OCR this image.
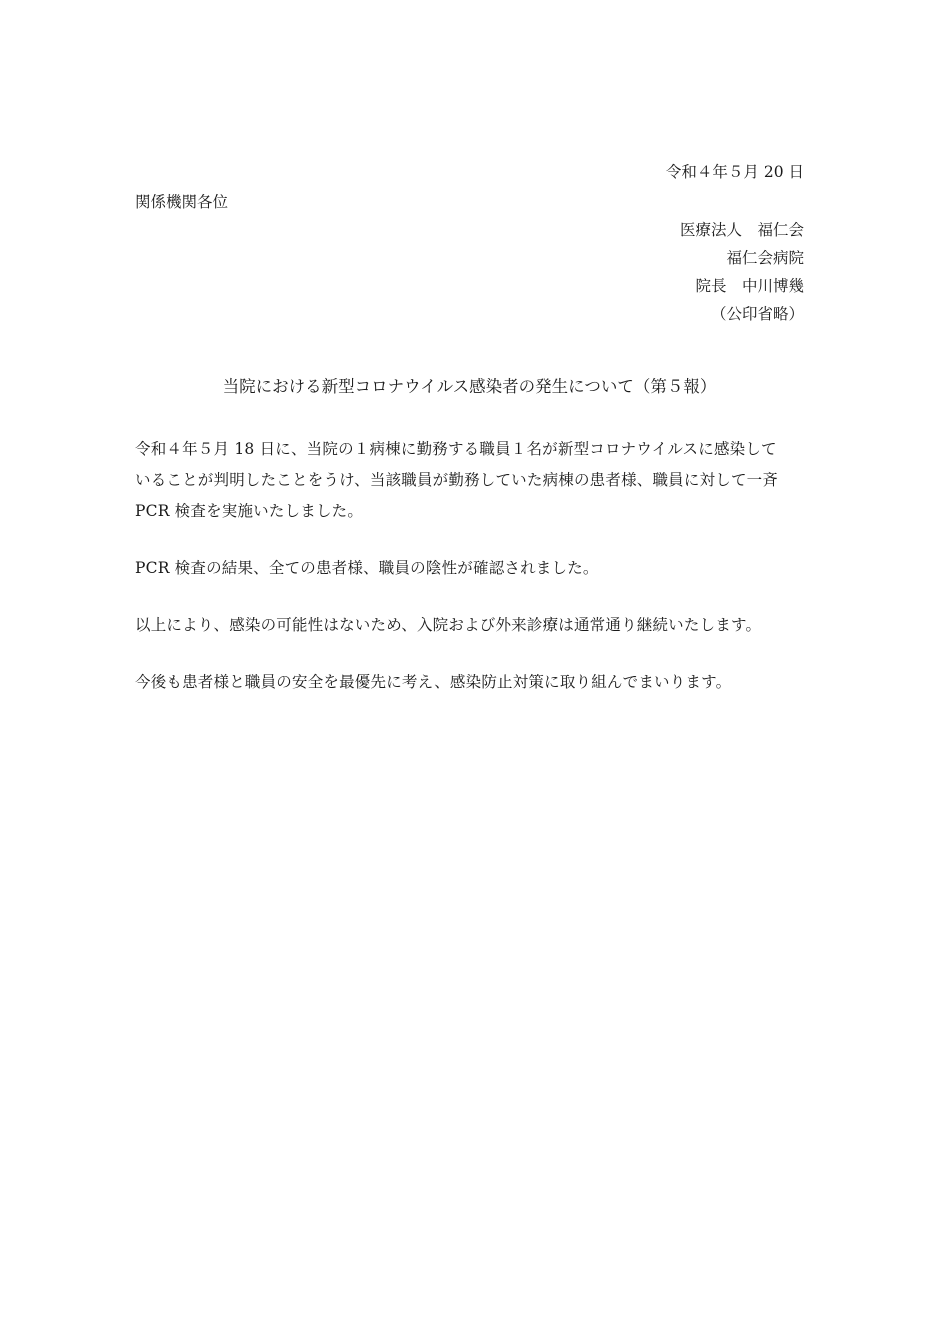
令和４年５月 20 日
関係機関各位
医療法人　福仁会
福仁会病院
院長　中川博幾
（公印省略）
当院における新型コロナウイルス感染者の発生について（第５報）
令和４年５月 18 日に、当院の１病棟に勤務する職員１名が新型コロナウイルスに感染して
いることが判明したことをうけ、当該職員が勤務していた病棟の患者様、職員に対して一斉
PCR 検査を実施いたしました。
PCR 検査の結果、全ての患者様、職員の陰性が確認されました。
以上により、感染の可能性はないため、入院および外来診療は通常通り継続いたします。
今後も患者様と職員の安全を最優先に考え、感染防止対策に取り組んでまいります。
